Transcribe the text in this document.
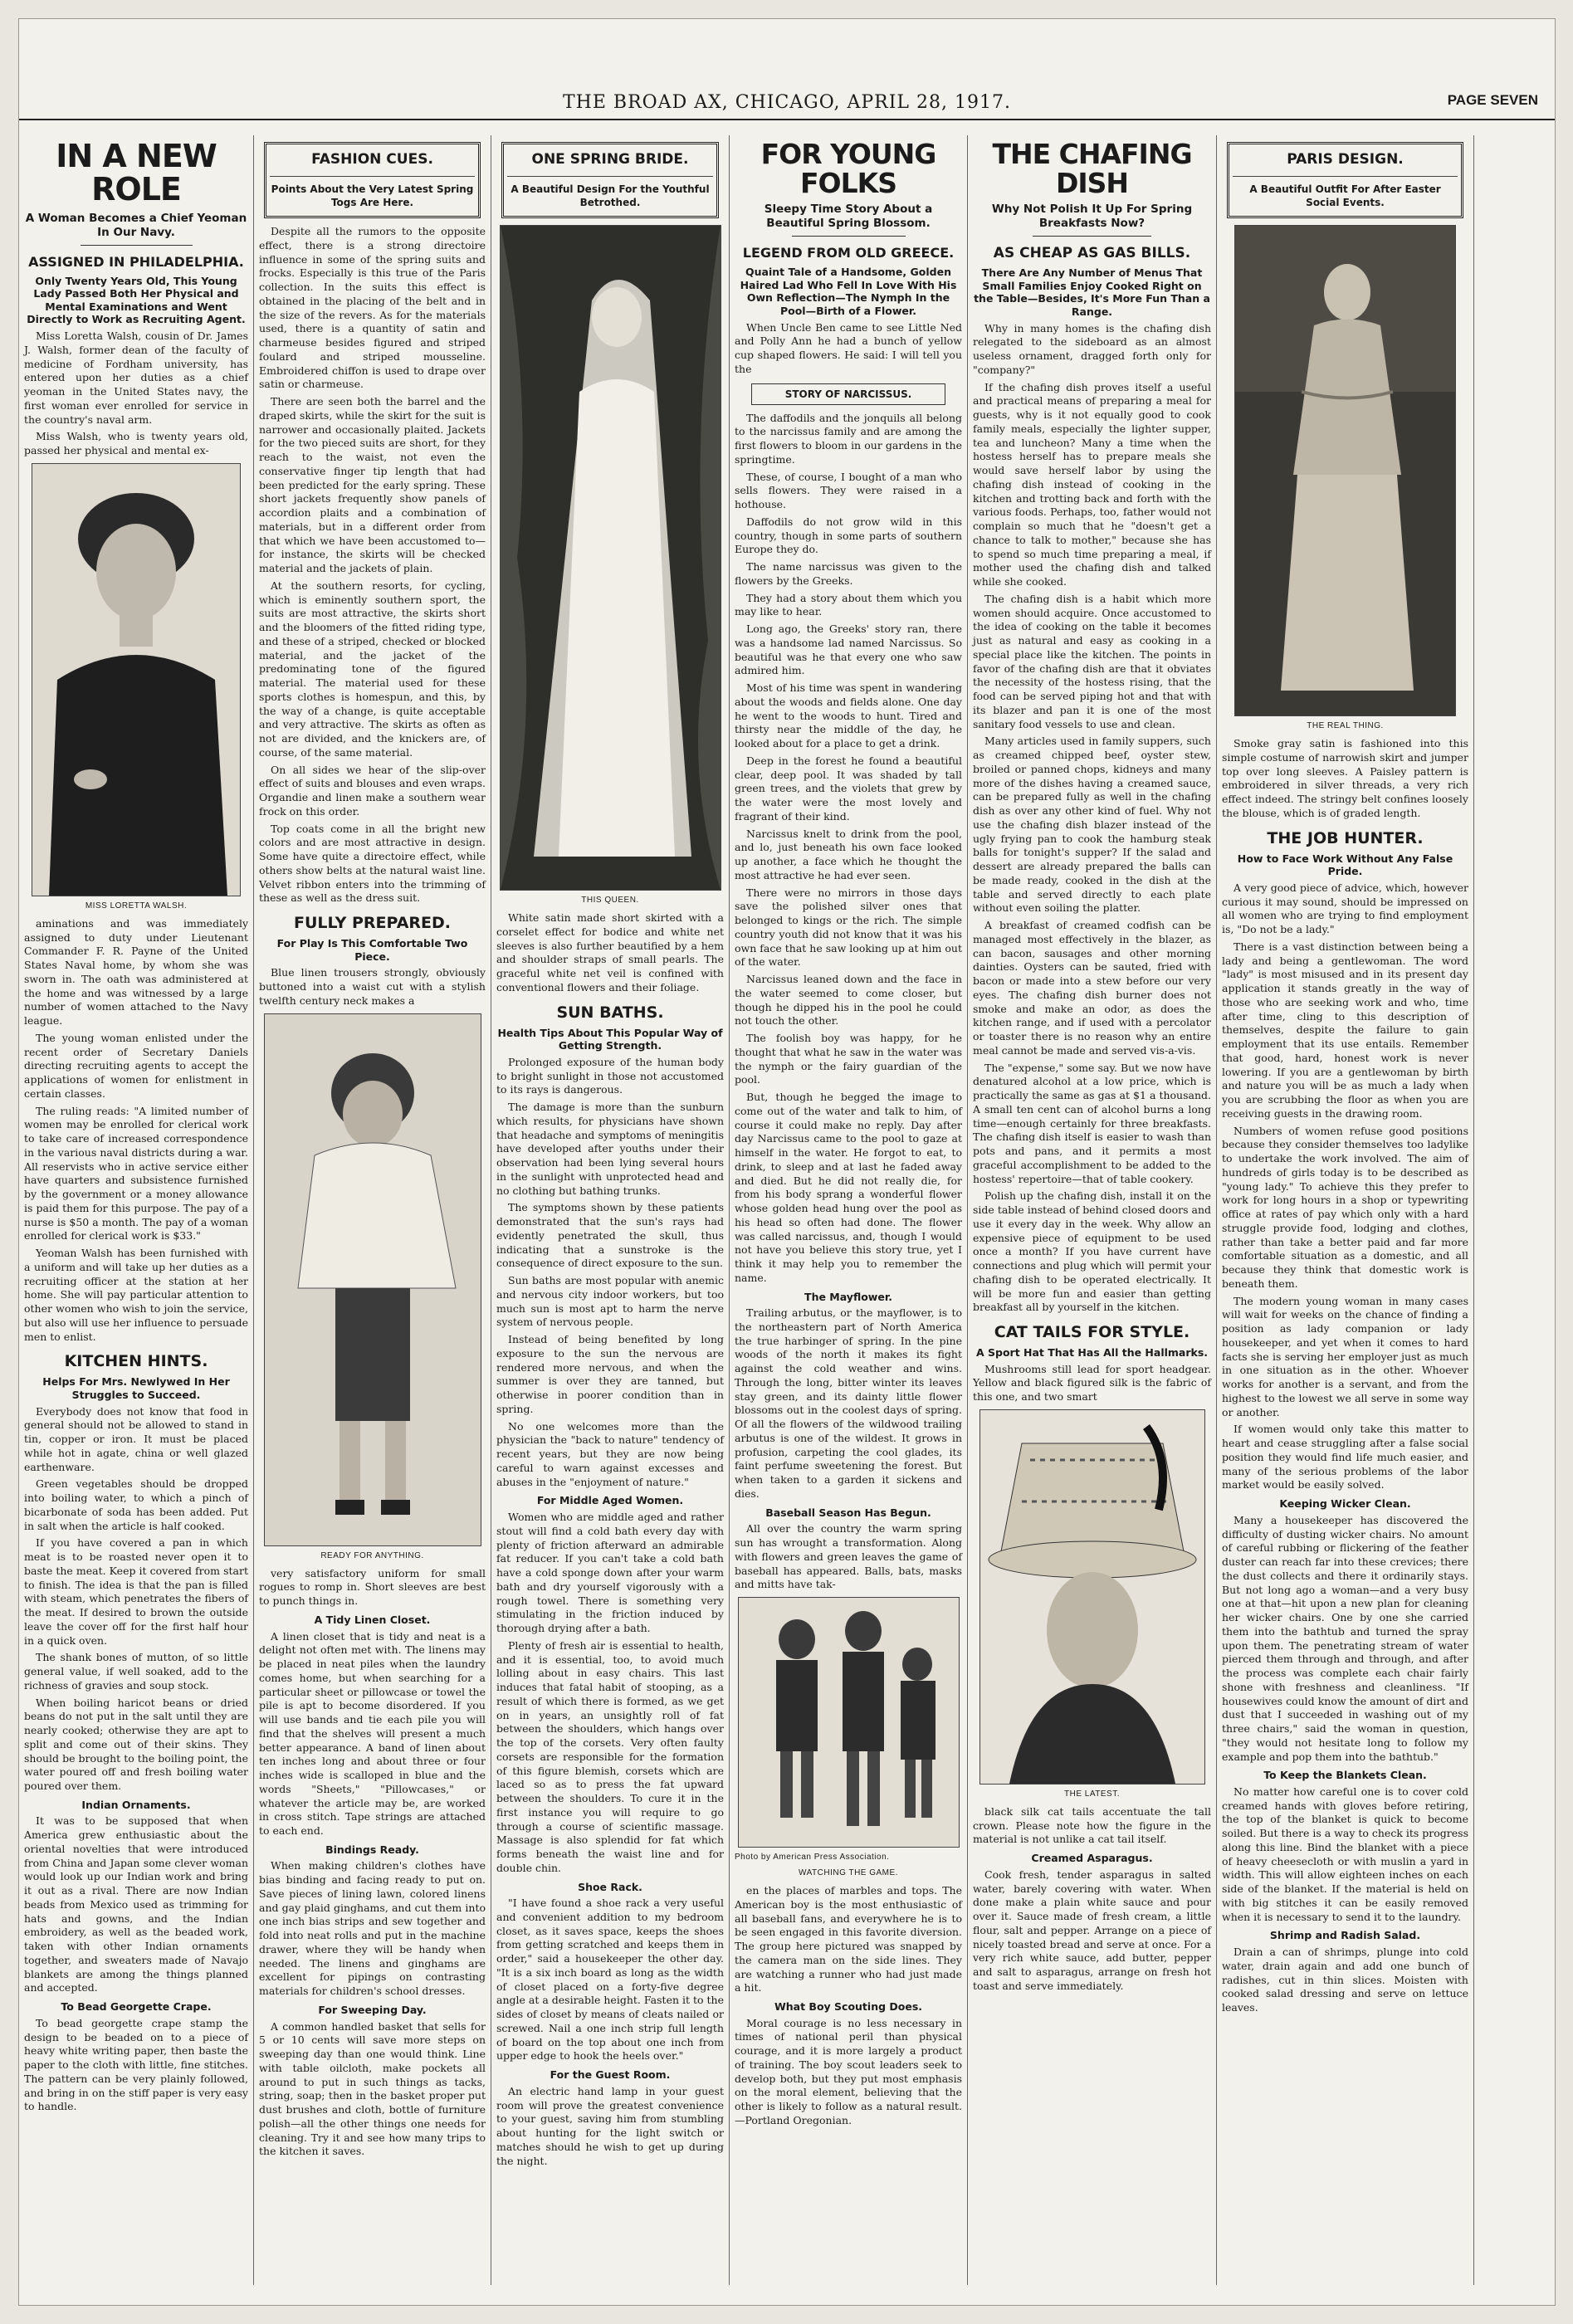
THE BROAD AX, CHICAGO, APRIL 28, 1917.	PAGE SEVEN
IN A NEW ROLE
A Woman Becomes a Chief Yeoman In Our Navy.
ASSIGNED IN PHILADELPHIA.
Only Twenty Years Old, This Young Lady Passed Both Her Physical and Mental Examinations and Went Directly to Work as Recruiting Agent.

Miss Loretta Walsh, cousin of Dr. James J. Walsh, former dean of the faculty of medicine of Fordham university, has entered upon her duties as a chief yeoman in the United States navy, the first woman ever enrolled for service in the country's naval arm.

Miss Walsh, who is twenty years old, passed her physical and mental ex-

MISS LORETTA WALSH.

aminations and was immediately assigned to duty under Lieutenant Commander F. R. Payne of the United States Naval home, by whom she was sworn in. The oath was administered at the home and was witnessed by a large number of women attached to the Navy league.

The young woman enlisted under the recent order of Secretary Daniels directing recruiting agents to accept the applications of women for enlistment in certain classes.

The ruling reads: "A limited number of women may be enrolled for clerical work to take care of increased correspondence in the various naval districts during a war. All reservists who in active service either have quarters and subsistence furnished by the government or a money allowance is paid them for this purpose. The pay of a nurse is $50 a month. The pay of a woman enrolled for clerical work is $33."

Yeoman Walsh has been furnished with a uniform and will take up her duties as a recruiting officer at the station at her home. She will pay particular attention to other women who wish to join the service, but also will use her influence to persuade men to enlist.

KITCHEN HINTS.
Helps For Mrs. Newlywed In Her Struggles to Succeed.

Everybody does not know that food in general should not be allowed to stand in tin, copper or iron. It must be placed while hot in agate, china or well glazed earthenware.

Green vegetables should be dropped into boiling water, to which a pinch of bicarbonate of soda has been added. Put in salt when the article is half cooked.

If you have covered a pan in which meat is to be roasted never open it to baste the meat. Keep it covered from start to finish. The idea is that the pan is filled with steam, which penetrates the fibers of the meat. If desired to brown the outside leave the cover off for the first half hour in a quick oven.

The shank bones of mutton, of so little general value, if well soaked, add to the richness of gravies and soup stock.

When boiling haricot beans or dried beans do not put in the salt until they are nearly cooked; otherwise they are apt to split and come out of their skins. They should be brought to the boiling point, the water poured off and fresh boiling water poured over them.

Indian Ornaments.

It was to be supposed that when America grew enthusiastic about the oriental novelties that were introduced from China and Japan some clever woman would look up our Indian work and bring it out as a rival. There are now Indian beads from Mexico used as trimming for hats and gowns, and the Indian embroidery, as well as the beaded work, taken with other Indian ornaments together, and sweaters made of Navajo blankets are among the things planned and accepted.

To Bead Georgette Crape.

To bead georgette crape stamp the design to be beaded on to a piece of heavy white writing paper, then baste the paper to the cloth with little, fine stitches. The pattern can be very plainly followed, and bring in on the stiff paper is very easy to handle.

FASHION CUES.
Points About the Very Latest Spring Togs Are Here.

Despite all the rumors to the opposite effect, there is a strong directoire influence in some of the spring suits and frocks. Especially is this true of the Paris collection. In the suits this effect is obtained in the placing of the belt and in the size of the revers. As for the materials used, there is a quantity of satin and charmeuse besides figured and striped foulard and striped mousseline. Embroidered chiffon is used to drape over satin or charmeuse.

There are seen both the barrel and the draped skirts, while the skirt for the suit is narrower and occasionally plaited. Jackets for the two pieced suits are short, for they reach to the waist, not even the conservative finger tip length that had been predicted for the early spring. These short jackets frequently show panels of accordion plaits and a combination of materials, but in a different order from that which we have been accustomed to—for instance, the skirts will be checked material and the jackets of plain.

At the southern resorts, for cycling, which is eminently southern sport, the suits are most attractive, the skirts short and the bloomers of the fitted riding type, and these of a striped, checked or blocked material, and the jacket of the predominating tone of the figured material. The material used for these sports clothes is homespun, and this, by the way of a change, is quite acceptable and very attractive. The skirts as often as not are divided, and the knickers are, of course, of the same material.

On all sides we hear of the slip-over effect of suits and blouses and even wraps. Organdie and linen make a southern wear frock on this order.

Top coats come in all the bright new colors and are most attractive in design. Some have quite a directoire effect, while others show belts at the natural waist line. Velvet ribbon enters into the trimming of these as well as the dress suit.

FULLY PREPARED.
For Play Is This Comfortable Two Piece.

Blue linen trousers strongly, obviously buttoned into a waist cut with a stylish twelfth century neck makes a

READY FOR ANYTHING.

very satisfactory uniform for small rogues to romp in. Short sleeves are best to punch things in.

A Tidy Linen Closet.

A linen closet that is tidy and neat is a delight not often met with. The linens may be placed in neat piles when the laundry comes home, but when searching for a particular sheet or pillowcase or towel the pile is apt to become disordered. If you will use bands and tie each pile you will find that the shelves will present a much better appearance. A band of linen about ten inches long and about three or four inches wide is scalloped in blue and the words "Sheets," "Pillowcases," or whatever the article may be, are worked in cross stitch. Tape strings are attached to each end.

Bindings Ready.

When making children's clothes have bias binding and facing ready to put on. Save pieces of lining lawn, colored linens and gay plaid ginghams, and cut them into one inch bias strips and sew together and fold into neat rolls and put in the machine drawer, where they will be handy when needed. The linens and ginghams are excellent for pipings on contrasting materials for children's school dresses.

For Sweeping Day.

A common handled basket that sells for 5 or 10 cents will save more steps on sweeping day than one would think. Line with table oilcloth, make pockets all around to put in such things as tacks, string, soap; then in the basket proper put dust brushes and cloth, bottle of furniture polish—all the other things one needs for cleaning. Try it and see how many trips to the kitchen it saves.

ONE SPRING BRIDE.
A Beautiful Design For the Youthful Betrothed.
THIS QUEEN.

White satin made short skirted with a corselet effect for bodice and white net sleeves is also further beautified by a hem and shoulder straps of small pearls. The graceful white net veil is confined with conventional flowers and their foliage.

SUN BATHS.
Health Tips About This Popular Way of Getting Strength.

Prolonged exposure of the human body to bright sunlight in those not accustomed to its rays is dangerous.

The damage is more than the sunburn which results, for physicians have shown that headache and symptoms of meningitis have developed after youths under their observation had been lying several hours in the sunlight with unprotected head and no clothing but bathing trunks.

The symptoms shown by these patients demonstrated that the sun's rays had evidently penetrated the skull, thus indicating that a sunstroke is the consequence of direct exposure to the sun.

Sun baths are most popular with anemic and nervous city indoor workers, but too much sun is most apt to harm the nerve system of nervous people.

Instead of being benefited by long exposure to the sun the nervous are rendered more nervous, and when the summer is over they are tanned, but otherwise in poorer condition than in spring.

No one welcomes more than the physician the "back to nature" tendency of recent years, but they are now being careful to warn against excesses and abuses in the "enjoyment of nature."

For Middle Aged Women.

Women who are middle aged and rather stout will find a cold bath every day with plenty of friction afterward an admirable fat reducer. If you can't take a cold bath have a cold sponge down after your warm bath and dry yourself vigorously with a rough towel. There is something very stimulating in the friction induced by thorough drying after a bath.

Plenty of fresh air is essential to health, and it is essential, too, to avoid much lolling about in easy chairs. This last induces that fatal habit of stooping, as a result of which there is formed, as we get on in years, an unsightly roll of fat between the shoulders, which hangs over the top of the corsets. Very often faulty corsets are responsible for the formation of this figure blemish, corsets which are laced so as to press the fat upward between the shoulders. To cure it in the first instance you will require to go through a course of scientific massage. Massage is also splendid for fat which forms beneath the waist line and for double chin.

Shoe Rack.

"I have found a shoe rack a very useful and convenient addition to my bedroom closet, as it saves space, keeps the shoes from getting scratched and keeps them in order," said a housekeeper the other day. "It is a six inch board as long as the width of closet placed on a forty-five degree angle at a desirable height. Fasten it to the sides of closet by means of cleats nailed or screwed. Nail a one inch strip full length of board on the top about one inch from upper edge to hook the heels over."

For the Guest Room.

An electric hand lamp in your guest room will prove the greatest convenience to your guest, saving him from stumbling about hunting for the light switch or matches should he wish to get up during the night.

FOR YOUNG FOLKS
Sleepy Time Story About a Beautiful Spring Blossom.
LEGEND FROM OLD GREECE.
Quaint Tale of a Handsome, Golden Haired Lad Who Fell In Love With His Own Reflection—The Nymph In the Pool—Birth of a Flower.

When Uncle Ben came to see Little Ned and Polly Ann he had a bunch of yellow cup shaped flowers. He said: I will tell you the

STORY OF NARCISSUS.

The daffodils and the jonquils all belong to the narcissus family and are among the first flowers to bloom in our gardens in the springtime.

These, of course, I bought of a man who sells flowers. They were raised in a hothouse.

Daffodils do not grow wild in this country, though in some parts of southern Europe they do.

The name narcissus was given to the flowers by the Greeks.

They had a story about them which you may like to hear.

Long ago, the Greeks' story ran, there was a handsome lad named Narcissus. So beautiful was he that every one who saw admired him.

Most of his time was spent in wandering about the woods and fields alone. One day he went to the woods to hunt. Tired and thirsty near the middle of the day, he looked about for a place to get a drink.

Deep in the forest he found a beautiful clear, deep pool. It was shaded by tall green trees, and the violets that grew by the water were the most lovely and fragrant of their kind.

Narcissus knelt to drink from the pool, and lo, just beneath his own face looked up another, a face which he thought the most attractive he had ever seen.

There were no mirrors in those days save the polished silver ones that belonged to kings or the rich. The simple country youth did not know that it was his own face that he saw looking up at him out of the water.

Narcissus leaned down and the face in the water seemed to come closer, but though he dipped his in the pool he could not touch the other.

The foolish boy was happy, for he thought that what he saw in the water was the nymph or the fairy guardian of the pool.

But, though he begged the image to come out of the water and talk to him, of course it could make no reply. Day after day Narcissus came to the pool to gaze at himself in the water. He forgot to eat, to drink, to sleep and at last he faded away and died. But he did not really die, for from his body sprang a wonderful flower whose golden head hung over the pool as his head so often had done. The flower was called narcissus, and, though I would not have you believe this story true, yet I think it may help you to remember the name.

The Mayflower.

Trailing arbutus, or the mayflower, is to the northeastern part of North America the true harbinger of spring. In the pine woods of the north it makes its fight against the cold weather and wins. Through the long, bitter winter its leaves stay green, and its dainty little flower blossoms out in the coolest days of spring. Of all the flowers of the wildwood trailing arbutus is one of the wildest. It grows in profusion, carpeting the cool glades, its faint perfume sweetening the forest. But when taken to a garden it sickens and dies.

Baseball Season Has Begun.

All over the country the warm spring sun has wrought a transformation. Along with flowers and green leaves the game of baseball has appeared. Balls, bats, masks and mitts have tak-

Photo by American Press Association.
WATCHING THE GAME.

en the places of marbles and tops. The American boy is the most enthusiastic of all baseball fans, and everywhere he is to be seen engaged in this favorite diversion. The group here pictured was snapped by the camera man on the side lines. They are watching a runner who had just made a hit.

What Boy Scouting Does.

Moral courage is no less necessary in times of national peril than physical courage, and it is more largely a product of training. The boy scout leaders seek to develop both, but they put most emphasis on the moral element, believing that the other is likely to follow as a natural result.—Portland Oregonian.

THE CHAFING DISH
Why Not Polish It Up For Spring Breakfasts Now?
AS CHEAP AS GAS BILLS.
There Are Any Number of Menus That Small Families Enjoy Cooked Right on the Table—Besides, It's More Fun Than a Range.

Why in many homes is the chafing dish relegated to the sideboard as an almost useless ornament, dragged forth only for "company?"

If the chafing dish proves itself a useful and practical means of preparing a meal for guests, why is it not equally good to cook family meals, especially the lighter supper, tea and luncheon? Many a time when the hostess herself has to prepare meals she would save herself labor by using the chafing dish instead of cooking in the kitchen and trotting back and forth with the various foods. Perhaps, too, father would not complain so much that he "doesn't get a chance to talk to mother," because she has to spend so much time preparing a meal, if mother used the chafing dish and talked while she cooked.

The chafing dish is a habit which more women should acquire. Once accustomed to the idea of cooking on the table it becomes just as natural and easy as cooking in a special place like the kitchen. The points in favor of the chafing dish are that it obviates the necessity of the hostess rising, that the food can be served piping hot and that with its blazer and pan it is one of the most sanitary food vessels to use and clean.

Many articles used in family suppers, such as creamed chipped beef, oyster stew, broiled or panned chops, kidneys and many more of the dishes having a creamed sauce, can be prepared fully as well in the chafing dish as over any other kind of fuel. Why not use the chafing dish blazer instead of the ugly frying pan to cook the hamburg steak balls for tonight's supper? If the salad and dessert are already prepared the balls can be made ready, cooked in the dish at the table and served directly to each plate without even soiling the platter.

A breakfast of creamed codfish can be managed most effectively in the blazer, as can bacon, sausages and other morning dainties. Oysters can be sauted, fried with bacon or made into a stew before our very eyes. The chafing dish burner does not smoke and make an odor, as does the kitchen range, and if used with a percolator or toaster there is no reason why an entire meal cannot be made and served vis-a-vis.

The "expense," some say. But we now have denatured alcohol at a low price, which is practically the same as gas at $1 a thousand. A small ten cent can of alcohol burns a long time—enough certainly for three breakfasts. The chafing dish itself is easier to wash than pots and pans, and it permits a most graceful accomplishment to be added to the hostess' repertoire—that of table cookery.

Polish up the chafing dish, install it on the side table instead of behind closed doors and use it every day in the week. Why allow an expensive piece of equipment to be used once a month? If you have current have connections and plug which will permit your chafing dish to be operated electrically. It will be more fun and easier than getting breakfast all by yourself in the kitchen.

CAT TAILS FOR STYLE.
A Sport Hat That Has All the Hallmarks.

Mushrooms still lead for sport headgear. Yellow and black figured silk is the fabric of this one, and two smart

THE LATEST.

black silk cat tails accentuate the tall crown. Please note how the figure in the material is not unlike a cat tail itself.

Creamed Asparagus.

Cook fresh, tender asparagus in salted water, barely covering with water. When done make a plain white sauce and pour over it. Sauce made of fresh cream, a little flour, salt and pepper. Arrange on a piece of nicely toasted bread and serve at once. For a very rich white sauce, add butter, pepper and salt to asparagus, arrange on fresh hot toast and serve immediately.

PARIS DESIGN.
A Beautiful Outfit For After Easter Social Events.
THE REAL THING.

Smoke gray satin is fashioned into this simple costume of narrowish skirt and jumper top over long sleeves. A Paisley pattern is embroidered in silver threads, a very rich effect indeed. The stringy belt confines loosely the blouse, which is of graded length.

THE JOB HUNTER.
How to Face Work Without Any False Pride.

A very good piece of advice, which, however curious it may sound, should be impressed on all women who are trying to find employment is, "Do not be a lady."

There is a vast distinction between being a lady and being a gentlewoman. The word "lady" is most misused and in its present day application it stands greatly in the way of those who are seeking work and who, time after time, cling to this description of themselves, despite the failure to gain employment that its use entails. Remember that good, hard, honest work is never lowering. If you are a gentlewoman by birth and nature you will be as much a lady when you are scrubbing the floor as when you are receiving guests in the drawing room.

Numbers of women refuse good positions because they consider themselves too ladylike to undertake the work involved. The aim of hundreds of girls today is to be described as "young lady." To achieve this they prefer to work for long hours in a shop or typewriting office at rates of pay which only with a hard struggle provide food, lodging and clothes, rather than take a better paid and far more comfortable situation as a domestic, and all because they think that domestic work is beneath them.

The modern young woman in many cases will wait for weeks on the chance of finding a position as lady companion or lady housekeeper, and yet when it comes to hard facts she is serving her employer just as much in one situation as in the other. Whoever works for another is a servant, and from the highest to the lowest we all serve in some way or another.

If women would only take this matter to heart and cease struggling after a false social position they would find life much easier, and many of the serious problems of the labor market would be easily solved.

Keeping Wicker Clean.

Many a housekeeper has discovered the difficulty of dusting wicker chairs. No amount of careful rubbing or flickering of the feather duster can reach far into these crevices; there the dust collects and there it ordinarily stays. But not long ago a woman—and a very busy one at that—hit upon a new plan for cleaning her wicker chairs. One by one she carried them into the bathtub and turned the spray upon them. The penetrating stream of water pierced them through and through, and after the process was complete each chair fairly shone with freshness and cleanliness. "If housewives could know the amount of dirt and dust that I succeeded in washing out of my three chairs," said the woman in question, "they would not hesitate long to follow my example and pop them into the bathtub."

To Keep the Blankets Clean.

No matter how careful one is to cover cold creamed hands with gloves before retiring, the top of the blanket is quick to become soiled. But there is a way to check its progress along this line. Bind the blanket with a piece of heavy cheesecloth or with muslin a yard in width. This will allow eighteen inches on each side of the blanket. If the material is held on with big stitches it can be easily removed when it is necessary to send it to the laundry.

Shrimp and Radish Salad.

Drain a can of shrimps, plunge into cold water, drain again and add one bunch of radishes, cut in thin slices. Moisten with cooked salad dressing and serve on lettuce leaves.
